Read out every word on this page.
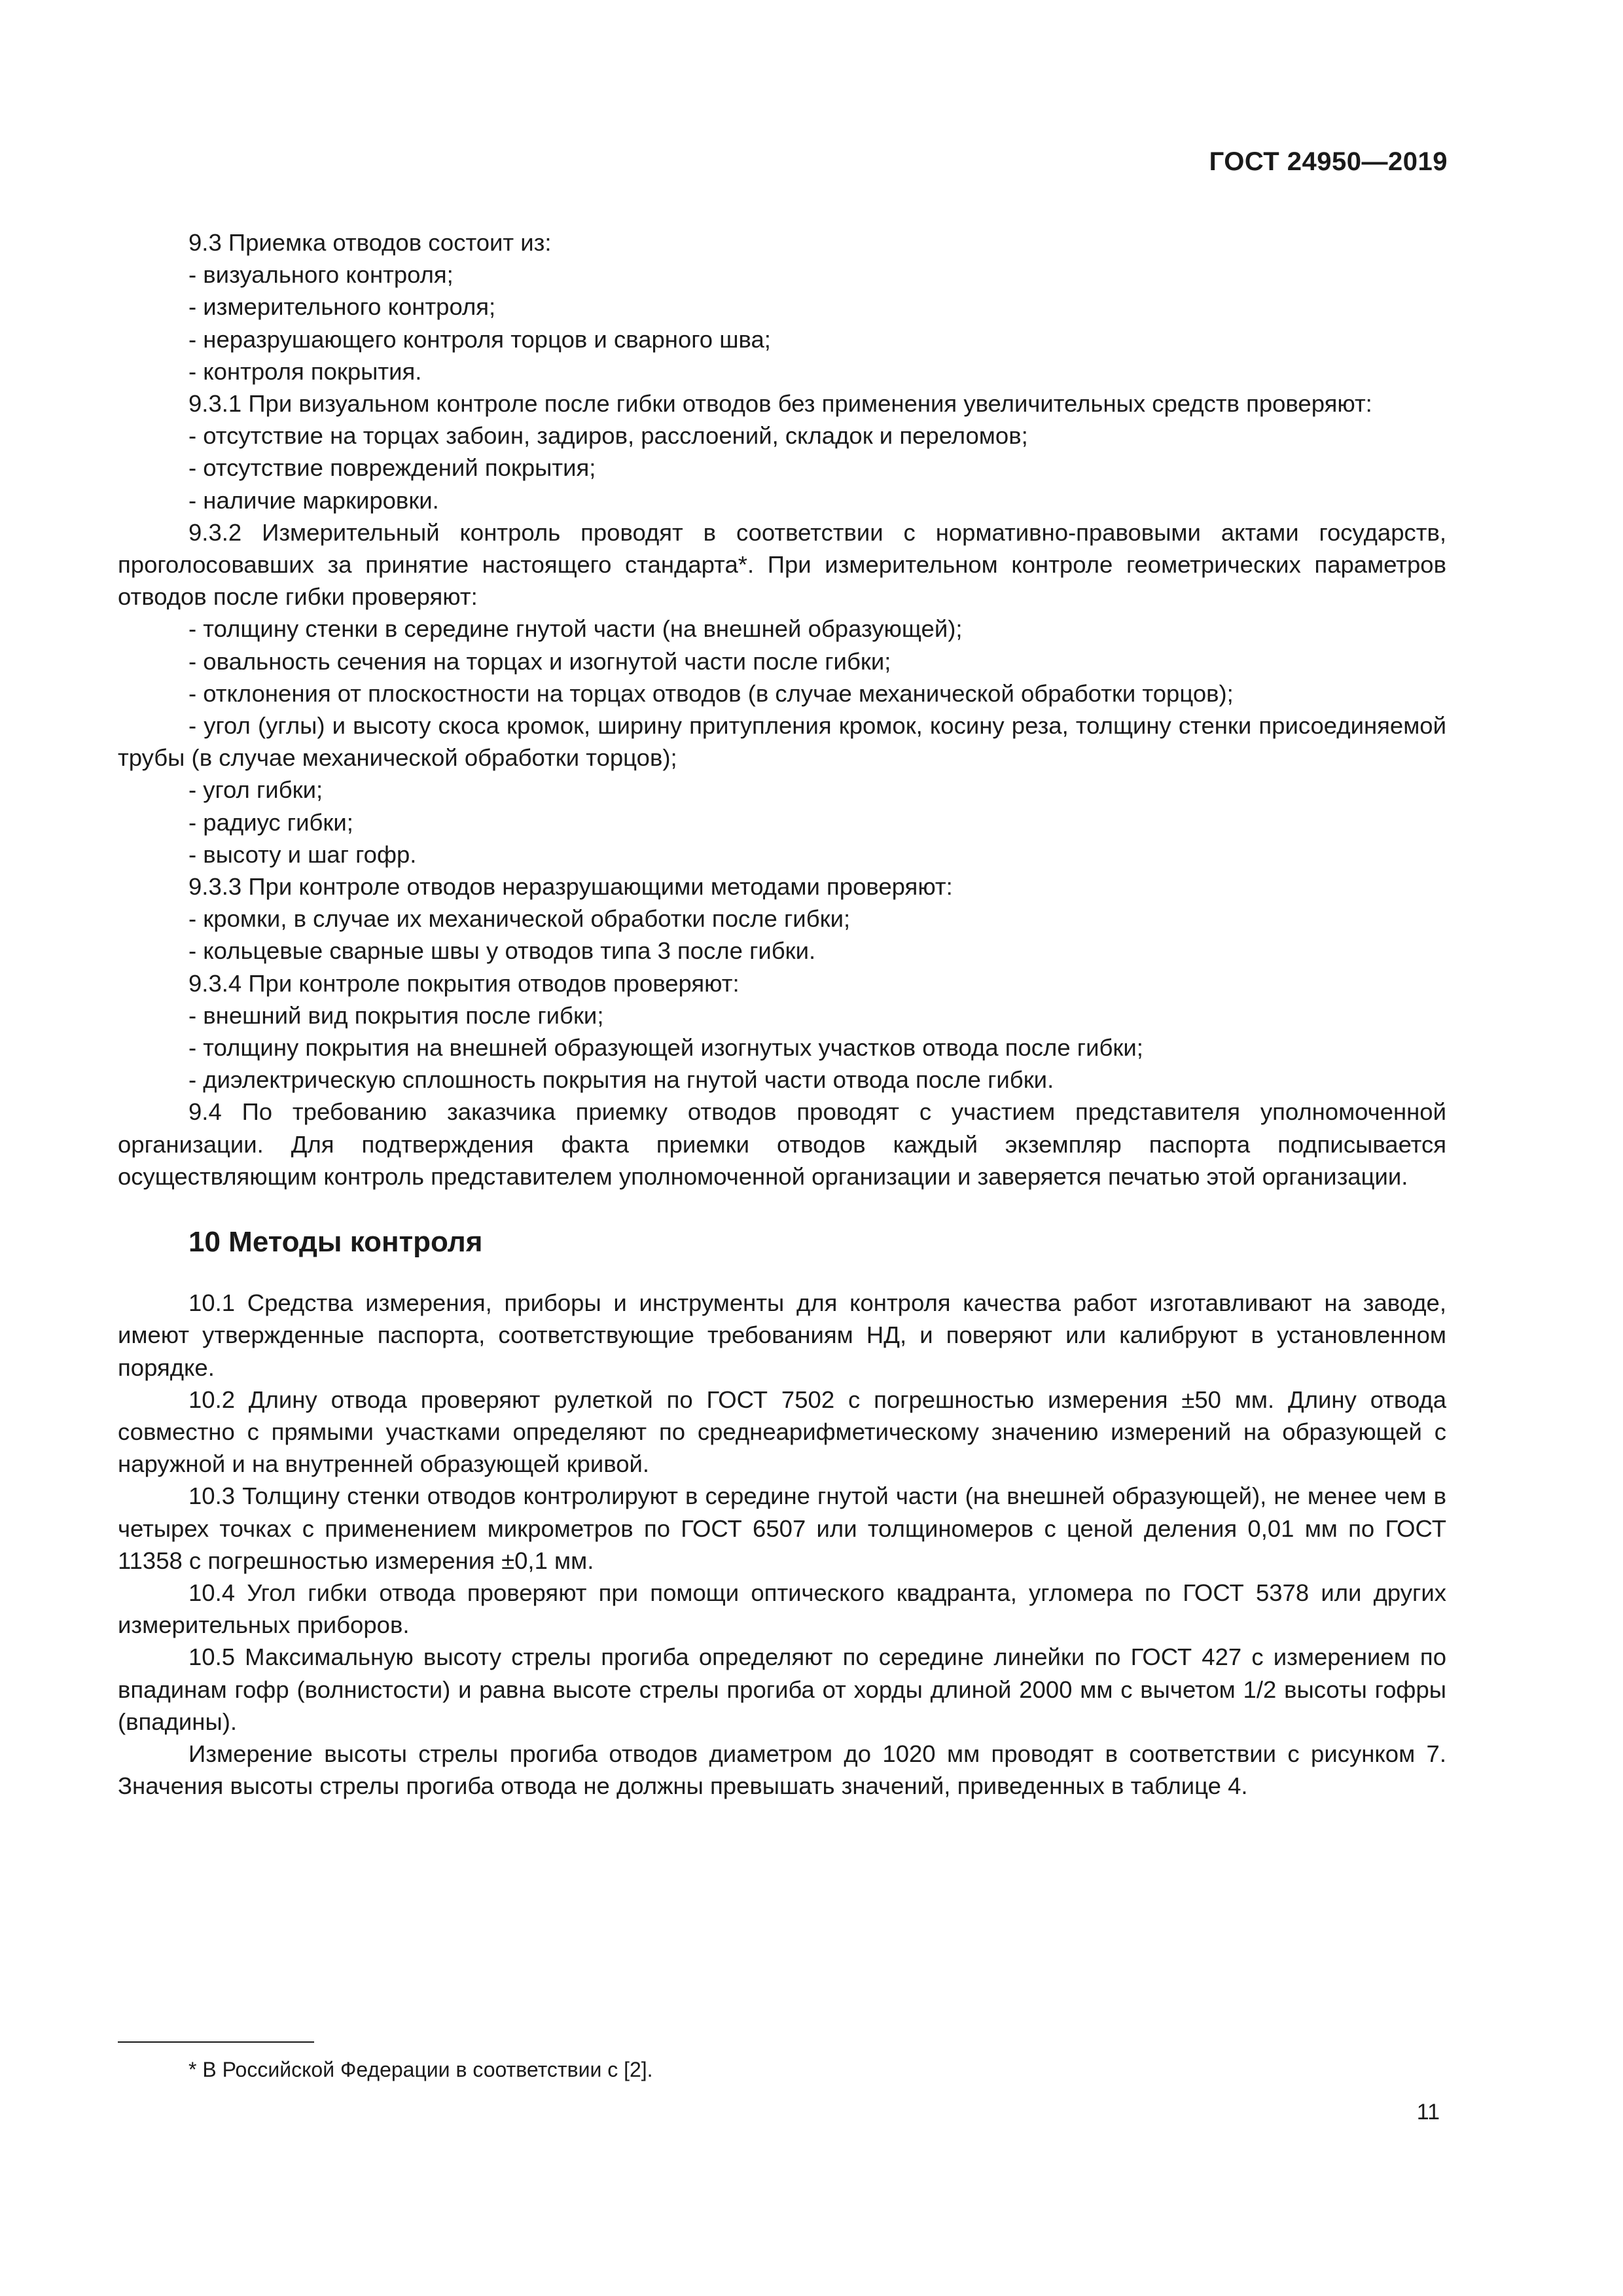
ГОСТ 24950—2019

9.3 Приемка отводов состоит из:

- визуального контроля;

- измерительного контроля;

- неразрушающего контроля торцов и сварного шва;

- контроля покрытия.

9.3.1 При визуальном контроле после гибки отводов без применения увеличительных средств проверяют:

- отсутствие на торцах забоин, задиров, расслоений, складок и переломов;

- отсутствие повреждений покрытия;

- наличие маркировки.

9.3.2 Измерительный контроль проводят в соответствии с нормативно-правовыми актами государств, проголосовавших за принятие настоящего стандарта*. При измерительном контроле геометрических параметров отводов после гибки проверяют:

- толщину стенки в середине гнутой части (на внешней образующей);

- овальность сечения на торцах и изогнутой части после гибки;

- отклонения от плоскостности на торцах отводов (в случае механической обработки торцов);

- угол (углы) и высоту скоса кромок, ширину притупления кромок, косину реза, толщину стенки присоединяемой трубы (в случае механической обработки торцов);

- угол гибки;

- радиус гибки;

- высоту и шаг гофр.

9.3.3 При контроле отводов неразрушающими методами проверяют:

- кромки, в случае их механической обработки после гибки;

- кольцевые сварные швы у отводов типа 3 после гибки.

9.3.4 При контроле покрытия отводов проверяют:

- внешний вид покрытия после гибки;

- толщину покрытия на внешней образующей изогнутых участков отвода после гибки;

- диэлектрическую сплошность покрытия на гнутой части отвода после гибки.

9.4 По требованию заказчика приемку отводов проводят с участием представителя уполномоченной организации. Для подтверждения факта приемки отводов каждый экземпляр паспорта подписывается осуществляющим контроль представителем уполномоченной организации и заверяется печатью этой организации.

10 Методы контроля

10.1 Средства измерения, приборы и инструменты для контроля качества работ изготавливают на заводе, имеют утвержденные паспорта, соответствующие требованиям НД, и поверяют или калибруют в установленном порядке.

10.2 Длину отвода проверяют рулеткой по ГОСТ 7502 с погрешностью измерения ±50 мм. Длину отвода совместно с прямыми участками определяют по среднеарифметическому значению измерений на образующей с наружной и на внутренней образующей кривой.

10.3 Толщину стенки отводов контролируют в середине гнутой части (на внешней образующей), не менее чем в четырех точках с применением микрометров по ГОСТ 6507 или толщиномеров с ценой деления 0,01 мм по ГОСТ 11358 с погрешностью измерения ±0,1 мм.

10.4 Угол гибки отвода проверяют при помощи оптического квадранта, угломера по ГОСТ 5378 или других измерительных приборов.

10.5 Максимальную высоту стрелы прогиба определяют по середине линейки по ГОСТ 427 с измерением по впадинам гофр (волнистости) и равна высоте стрелы прогиба от хорды длиной 2000 мм с вычетом 1/2 высоты гофры (впадины).

Измерение высоты стрелы прогиба отводов диаметром до 1020 мм проводят в соответствии с рисунком 7. Значения высоты стрелы прогиба отвода не должны превышать значений, приведенных в таблице 4.

* В Российской Федерации в соответствии с [2].
11
